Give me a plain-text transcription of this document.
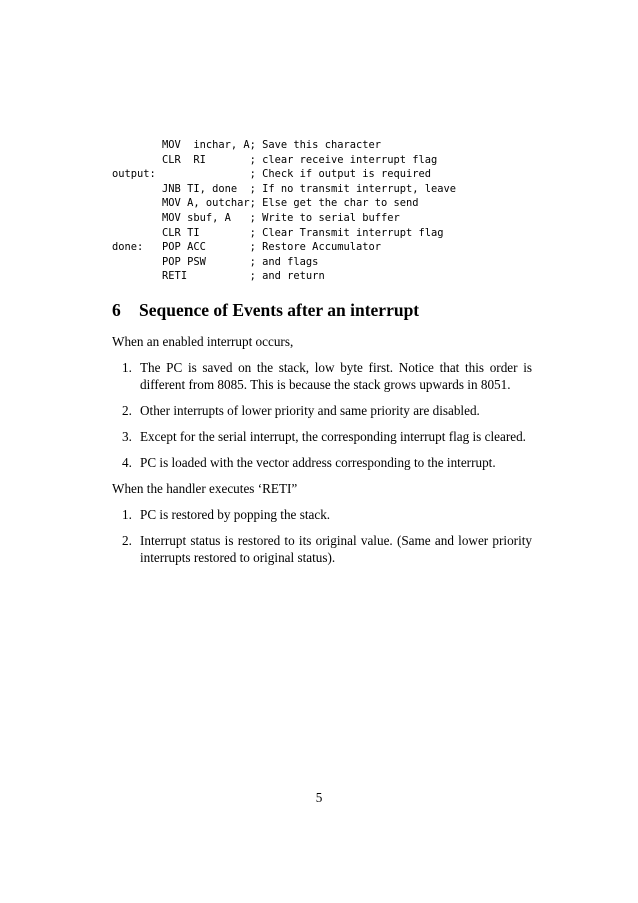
MOV  inchar, A; Save this character
CLR  RI       ; clear receive interrupt flag
output:               ; Check if output is required
JNB TI, done  ; If no transmit interrupt, leave
MOV A, outchar; Else get the char to send
MOV sbuf, A   ; Write to serial buffer
CLR TI        ; Clear Transmit interrupt flag
done:   POP ACC       ; Restore Accumulator
POP PSW       ; and flags
RETI          ; and return
6	Sequence of Events after an interrupt

When an enabled interrupt occurs,

1. The PC is saved on the stack, low byte first. Notice that this order is different from 8085. This is because the stack grows upwards in 8051.
2. Other interrupts of lower priority and same priority are disabled.
3. Except for the serial interrupt, the corresponding interrupt flag is cleared.
4. PC is loaded with the vector address corresponding to the interrupt.

When the handler executes ‘RETI”

1. PC is restored by popping the stack.
2. Interrupt status is restored to its original value. (Same and lower priority interrupts restored to original status).
5
